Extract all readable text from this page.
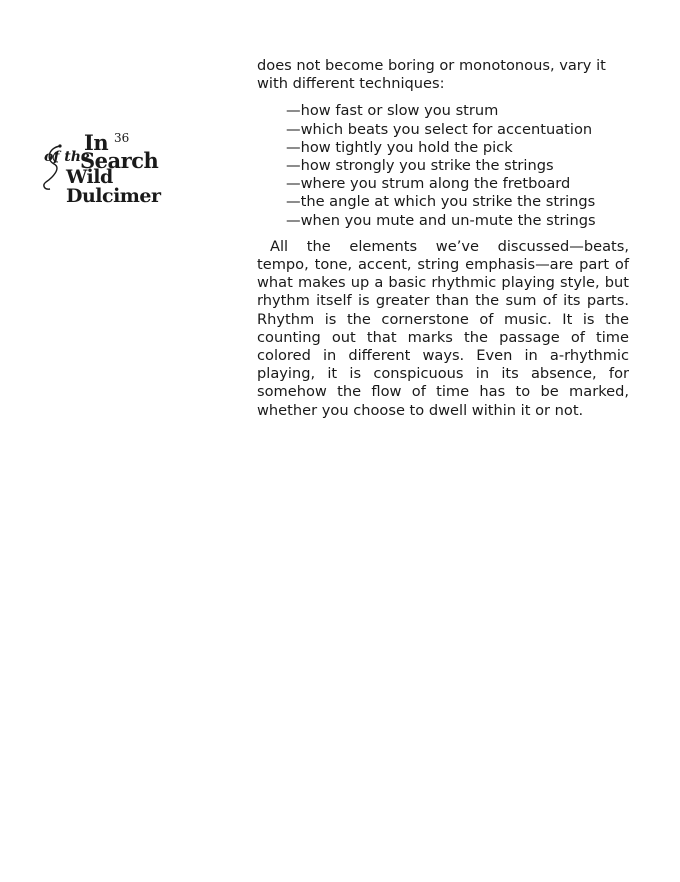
In 36
of the
Search
Wild Dulcimer

does not become boring or monotonous, vary it with different techniques:

—how fast or slow you strum
—which beats you select for accentuation
—how tightly you hold the pick
—how strongly you strike the strings
—where you strum along the fretboard
—the angle at which you strike the strings
—when you mute and un-mute the strings

All the elements we’ve discussed—beats, tempo, tone, accent, string emphasis—are part of what makes up a basic rhythmic playing style, but rhythm itself is greater than the sum of its parts. Rhythm is the cornerstone of music. It is the counting out that marks the passage of time colored in different ways. Even in a-rhythmic playing, it is conspicuous in its absence, for somehow the flow of time has to be marked, whether you choose to dwell within it or not.
